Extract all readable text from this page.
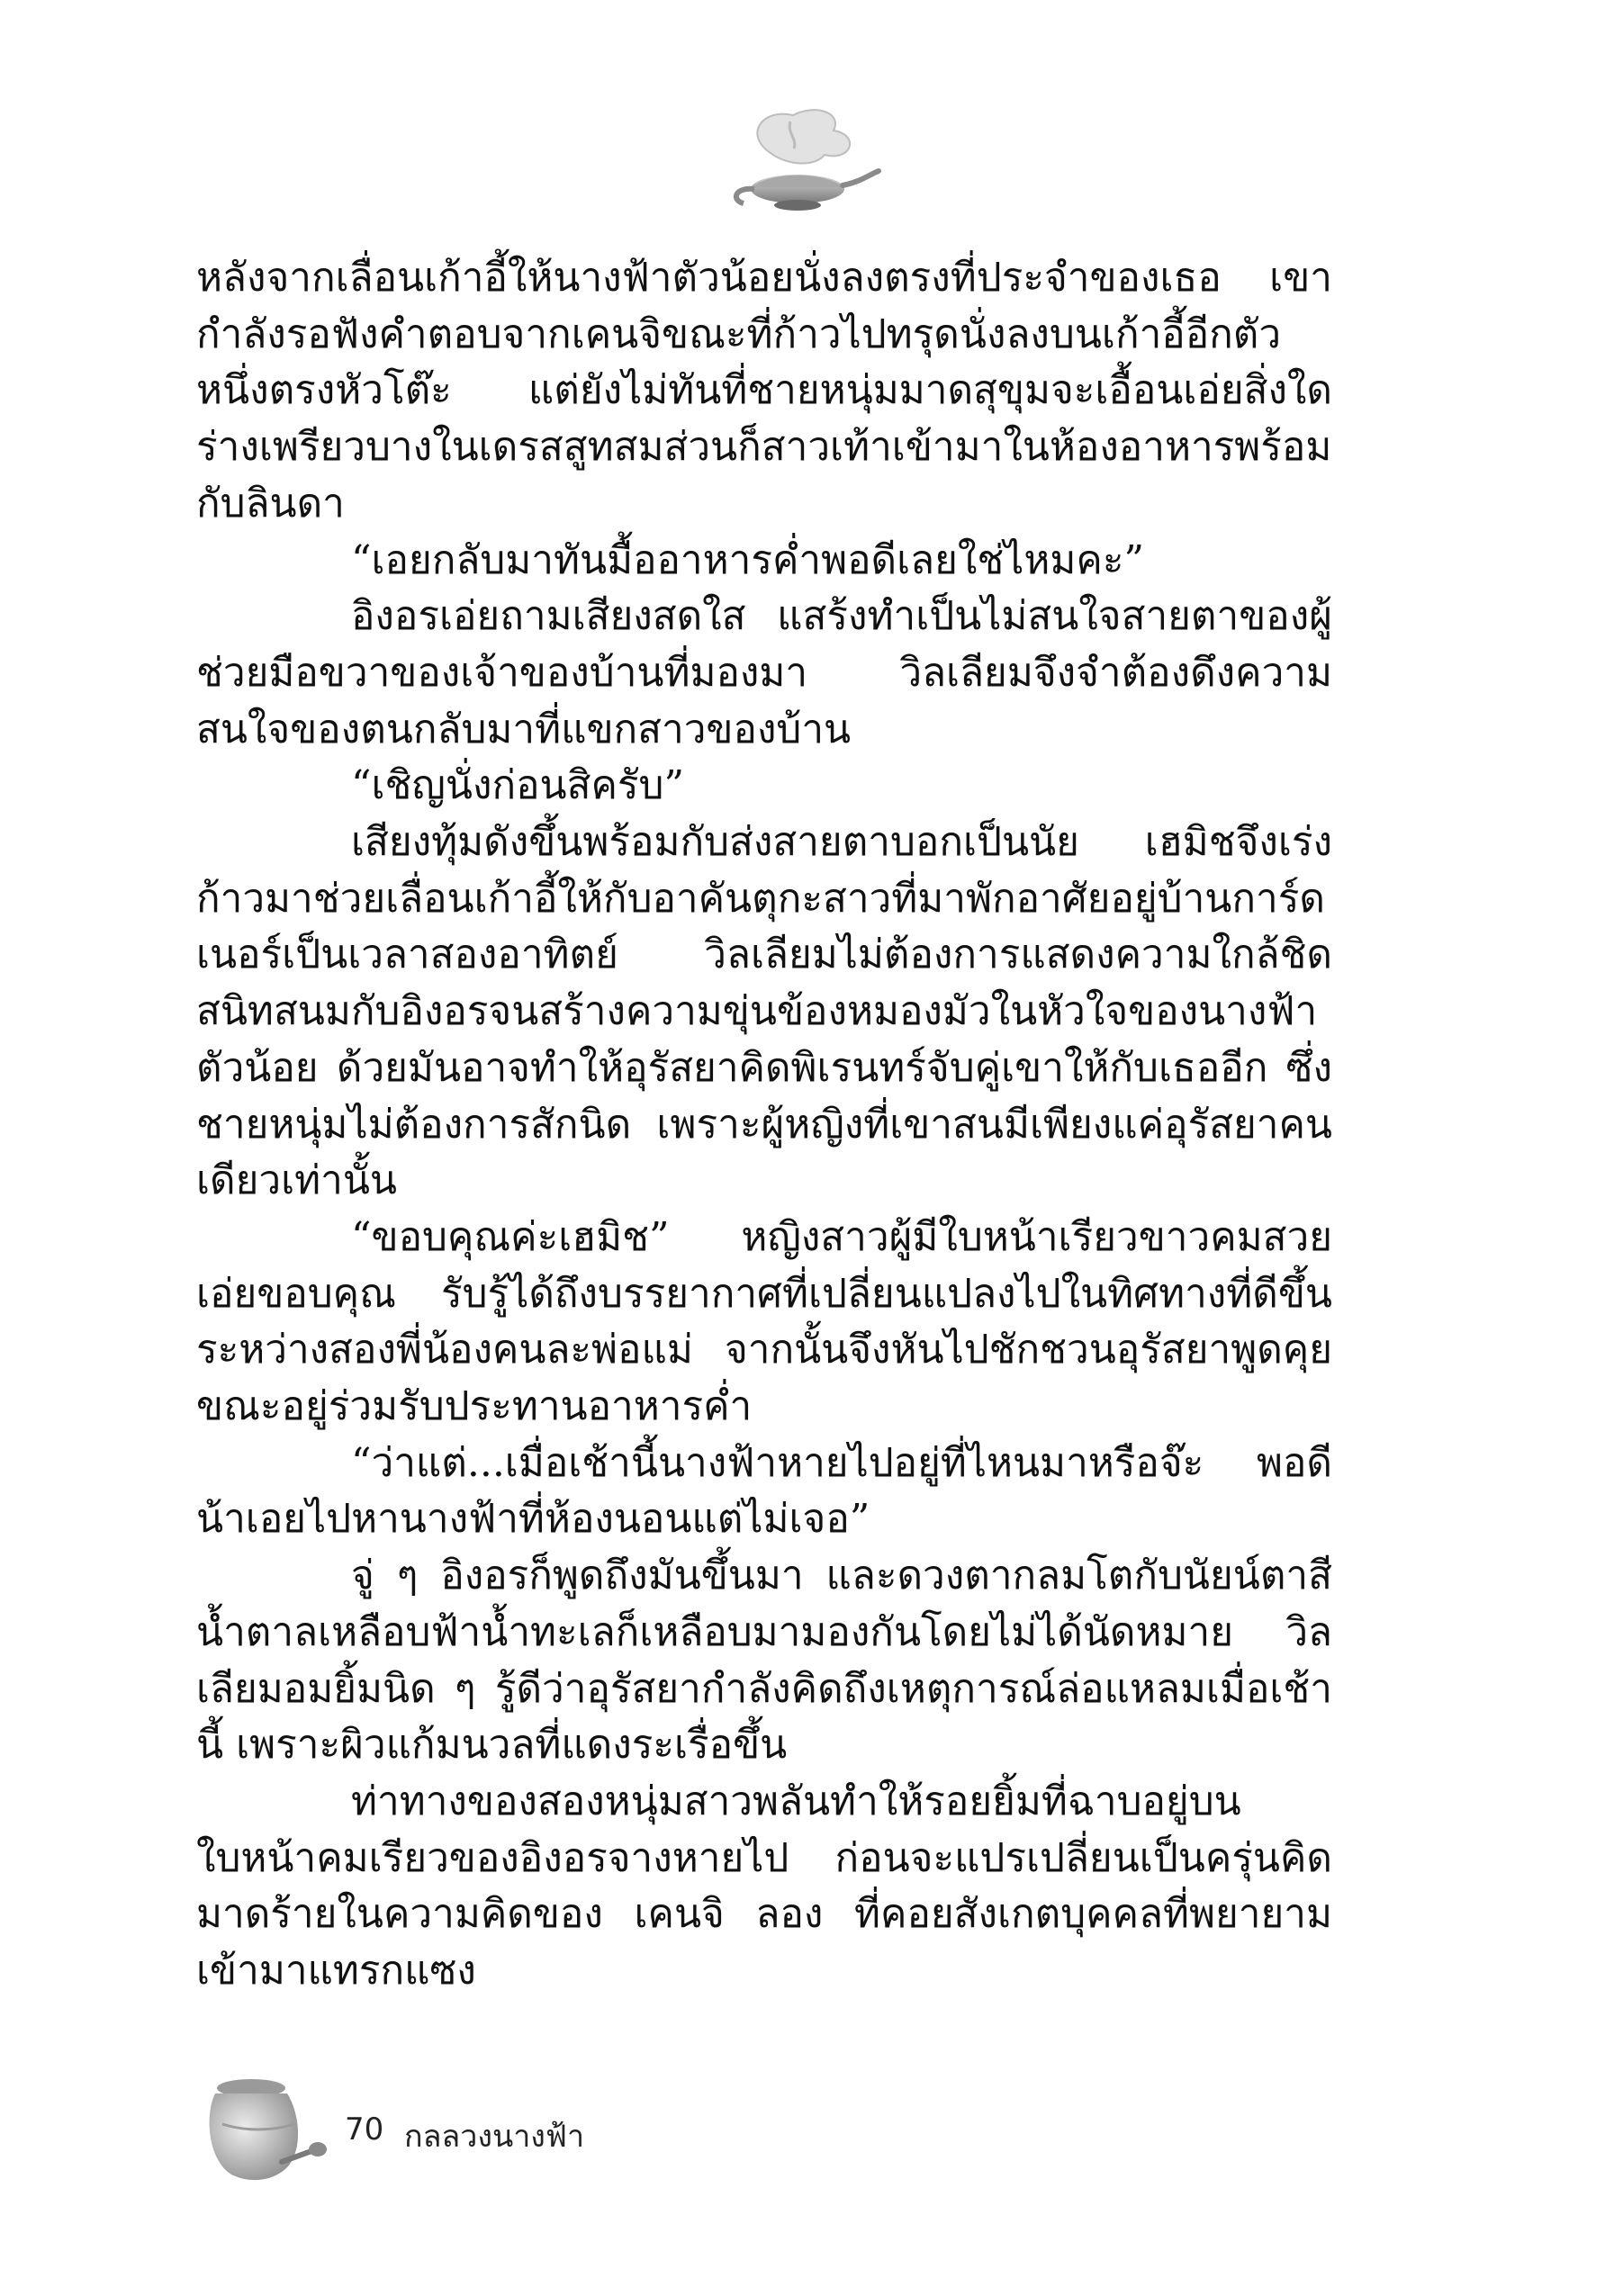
หลังจากเลื่อนเก้าอี้ให้นางฟ้าตัวน้อยนั่งลงตรงที่ประจำของเธอ เขากำลังรอฟังคำตอบจากเคนจิขณะที่ก้าวไปทรุดนั่งลงบนเก้าอี้อีกตัวหนึ่งตรงหัวโต๊ะ แต่ยังไม่ทันที่ชายหนุ่มมาดสุขุมจะเอื้อนเอ่ยสิ่งใด ร่างเพรียวบางในเดรสสูทสมส่วนก็สาวเท้าเข้ามาในห้องอาหารพร้อมกับลินดา

“เอยกลับมาทันมื้ออาหารค่ำพอดีเลยใช่ไหมคะ”

อิงอรเอ่ยถามเสียงสดใส แสร้งทำเป็นไม่สนใจสายตาของผู้ช่วยมือขวาของเจ้าของบ้านที่มองมา วิลเลียมจึงจำต้องดึงความสนใจของตนกลับมาที่แขกสาวของบ้าน

“เชิญนั่งก่อนสิครับ”

เสียงทุ้มดังขึ้นพร้อมกับส่งสายตาบอกเป็นนัย เฮมิชจึงเร่งก้าวมาช่วยเลื่อนเก้าอี้ให้กับอาคันตุกะสาวที่มาพักอาศัยอยู่บ้านการ์ดเนอร์เป็นเวลาสองอาทิตย์ วิลเลียมไม่ต้องการแสดงความใกล้ชิดสนิทสนมกับอิงอรจนสร้างความขุ่นข้องหมองมัวในหัวใจของนางฟ้าตัวน้อย ด้วยมันอาจทำให้อุรัสยาคิดพิเรนทร์จับคู่เขาให้กับเธออีก ซึ่งชายหนุ่มไม่ต้องการสักนิด เพราะผู้หญิงที่เขาสนมีเพียงแค่อุรัสยาคนเดียวเท่านั้น

“ขอบคุณค่ะเฮมิช” หญิงสาวผู้มีใบหน้าเรียวขาวคมสวยเอ่ยขอบคุณ รับรู้ได้ถึงบรรยากาศที่เปลี่ยนแปลงไปในทิศทางที่ดีขึ้นระหว่างสองพี่น้องคนละพ่อแม่ จากนั้นจึงหันไปชักชวนอุรัสยาพูดคุยขณะอยู่ร่วมรับประทานอาหารค่ำ

“ว่าแต่...เมื่อเช้านี้นางฟ้าหายไปอยู่ที่ไหนมาหรือจ๊ะ พอดีน้าเอยไปหานางฟ้าที่ห้องนอนแต่ไม่เจอ”

จู่ ๆ อิงอรก็พูดถึงมันขึ้นมา และดวงตากลมโตกับนัยน์ตาสีน้ำตาลเหลือบฟ้าน้ำทะเลก็เหลือบมามองกันโดยไม่ได้นัดหมาย วิลเลียมอมยิ้มนิด ๆ รู้ดีว่าอุรัสยากำลังคิดถึงเหตุการณ์ล่อแหลมเมื่อเช้านี้ เพราะผิวแก้มนวลที่แดงระเรื่อขึ้น

ท่าทางของสองหนุ่มสาวพลันทำให้รอยยิ้มที่ฉาบอยู่บนใบหน้าคมเรียวของอิงอรจางหายไป ก่อนจะแปรเปลี่ยนเป็นครุ่นคิดมาดร้ายในความคิดของ เคนจิ ลอง ที่คอยสังเกตบุคคลที่พยายามเข้ามาแทรกแซง

70 กลลวงนางฟ้า
